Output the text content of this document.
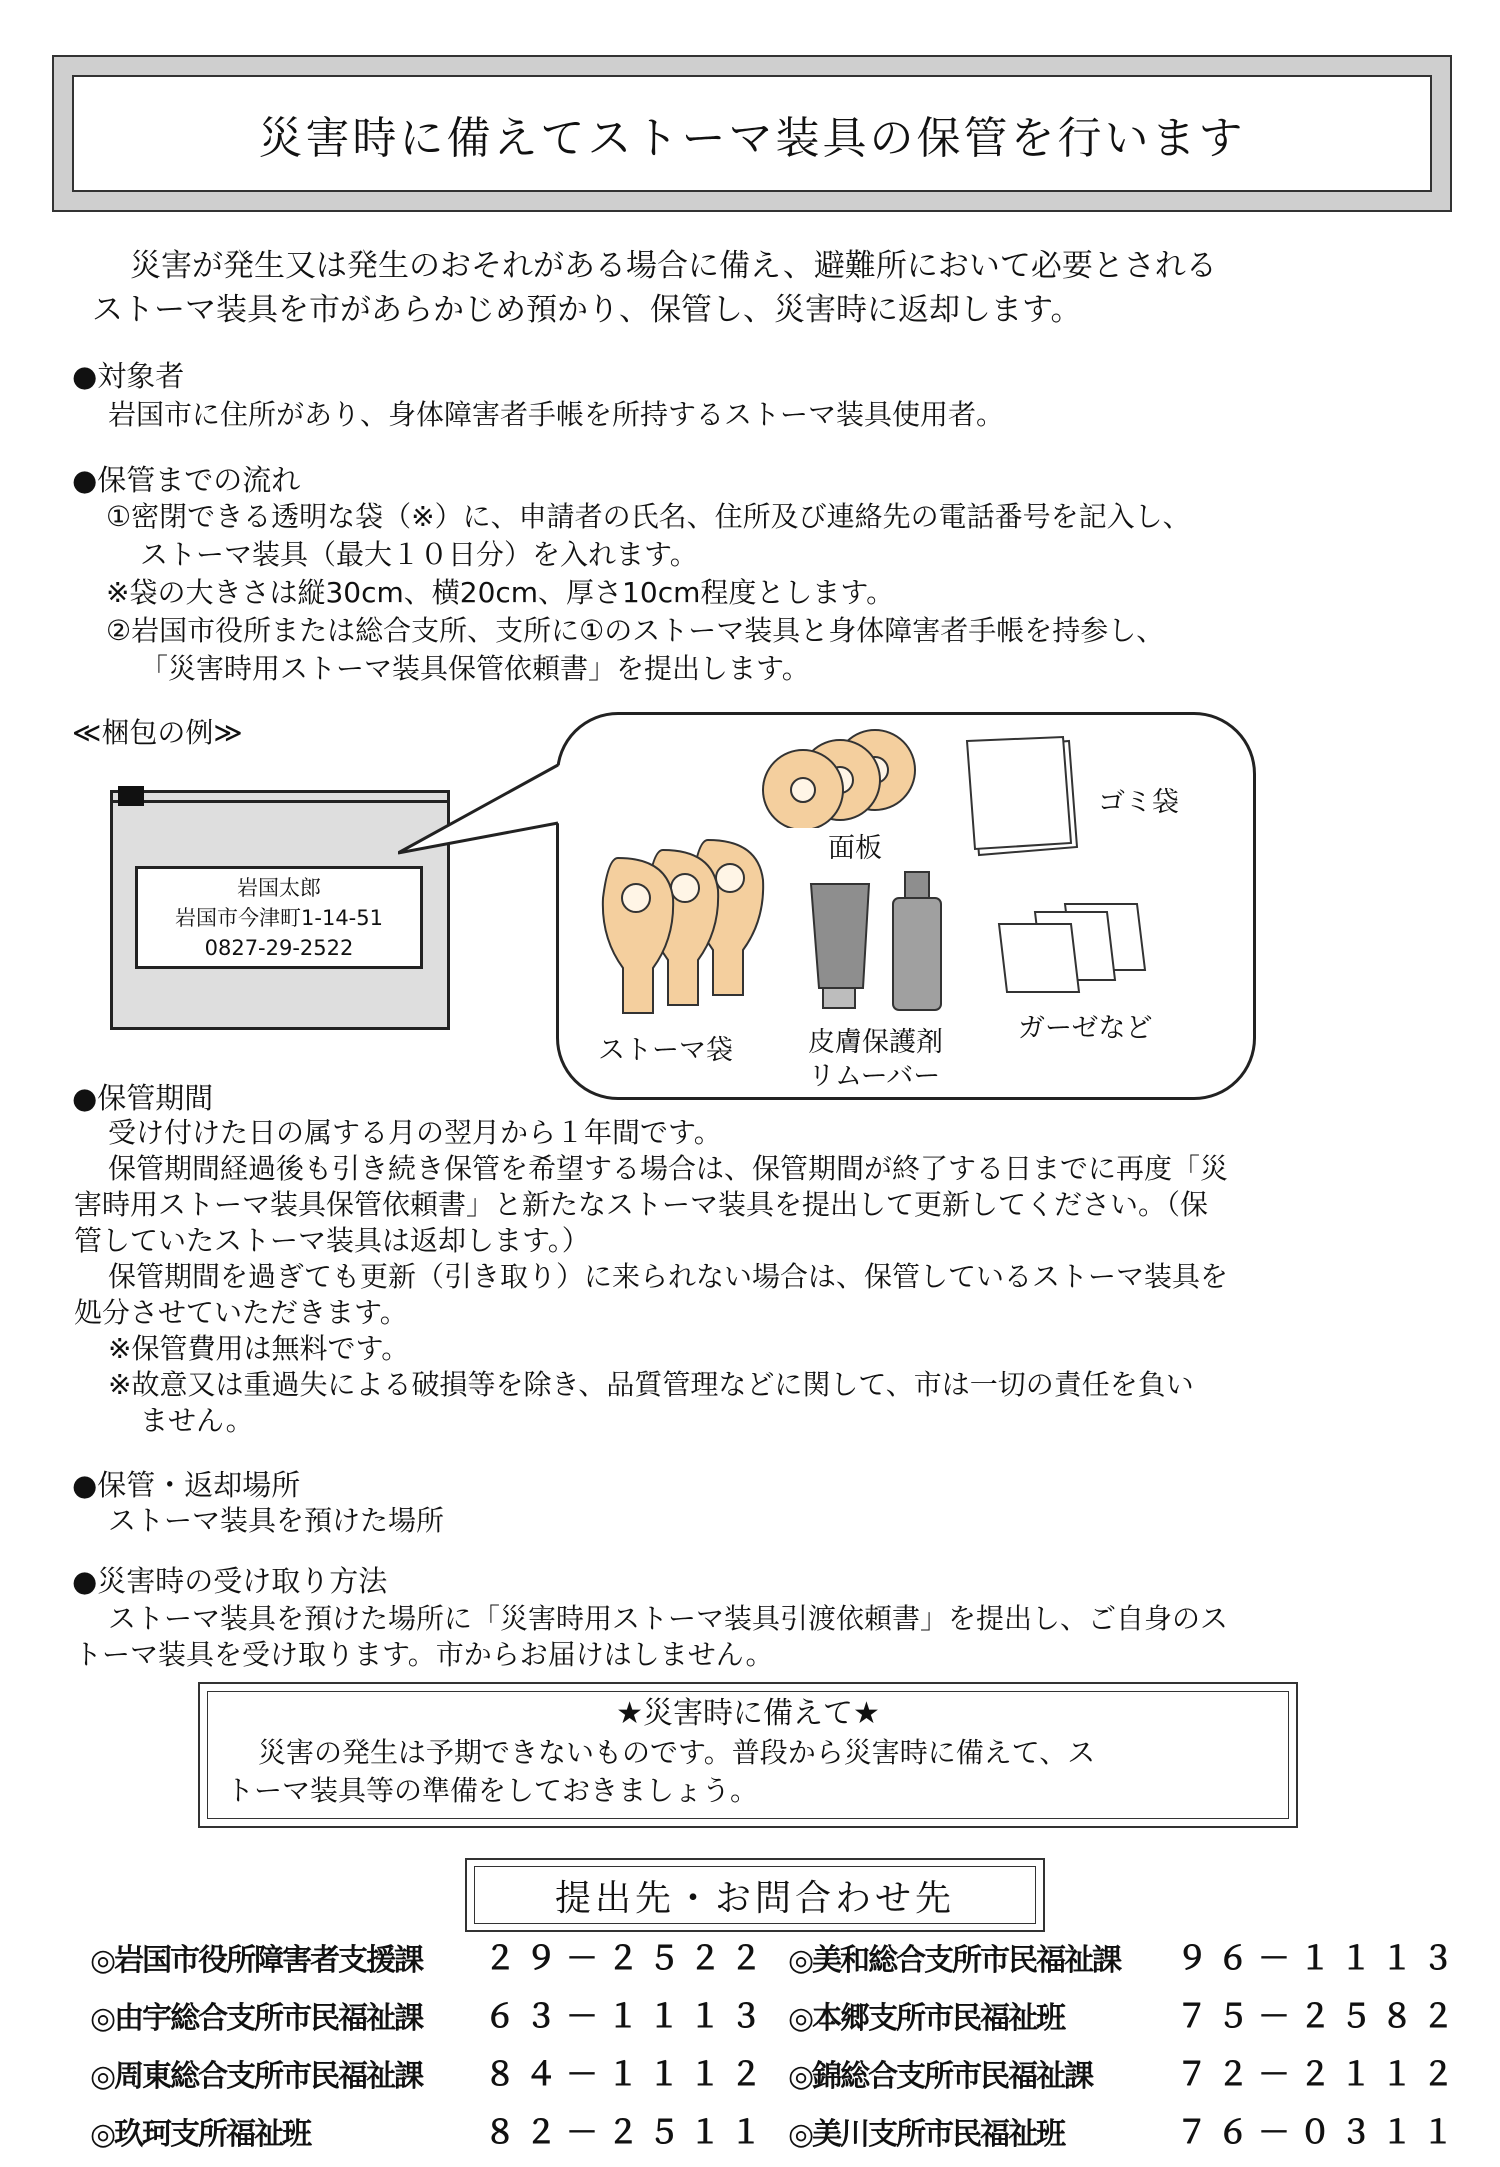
災害時に備えてストーマ装具の保管を行います
災害が発生又は発生のおそれがある場合に備え、避難所において必要とされる
ストーマ装具を市があらかじめ預かり、保管し、災害時に返却します。
●対象者
岩国市に住所があり、身体障害者手帳を所持するストーマ装具使用者。
●保管までの流れ
①密閉できる透明な袋（※）に、申請者の氏名、住所及び連絡先の電話番号を記入し、
ストーマ装具（最大１０日分）を入れます。
※袋の大きさは縦30cm、横20cm、厚さ10cm程度とします。
②岩国市役所または総合支所、支所に①のストーマ装具と身体障害者手帳を持参し、
「災害時用ストーマ装具保管依頼書」を提出します。
≪梱包の例≫
岩国太郎
岩国市今津町1-14-51
0827-29-2522
面板
ゴミ袋
ストーマ袋	皮膚保護剤
リムーバー
ガーゼなど
●保管期間
受け付けた日の属する月の翌月から１年間です。
保管期間経過後も引き続き保管を希望する場合は、保管期間が終了する日までに再度「災
害時用ストーマ装具保管依頼書」と新たなストーマ装具を提出して更新してください。（保
管していたストーマ装具は返却します。）
保管期間を過ぎても更新（引き取り）に来られない場合は、保管しているストーマ装具を
処分させていただきます。
※保管費用は無料です。
※故意又は重過失による破損等を除き、品質管理などに関して、市は一切の責任を負い
ません。
●保管・返却場所
ストーマ装具を預けた場所
●災害時の受け取り方法
ストーマ装具を預けた場所に「災害時用ストーマ装具引渡依頼書」を提出し、ご自身のス
トーマ装具を受け取ります。市からお届けはしません。
★災害時に備えて★
災害の発生は予期できないものです。普段から災害時に備えて、ス
トーマ装具等の準備をしておきましょう。
提出先・お問合わせ先
◎岩国市役所障害者支援課 ２９－２５２２
◎由宇総合支所市民福祉課 ６３－１１１３
◎周東総合支所市民福祉課 ８４－１１１２
◎玖珂支所福祉班	８２－２５１１
◎美和総合支所市民福祉課 ９６－１１１３
◎本郷支所市民福祉班	７５－２５８２
◎錦総合支所市民福祉課	７２－２１１２
◎美川支所市民福祉班	７６－０３１１
